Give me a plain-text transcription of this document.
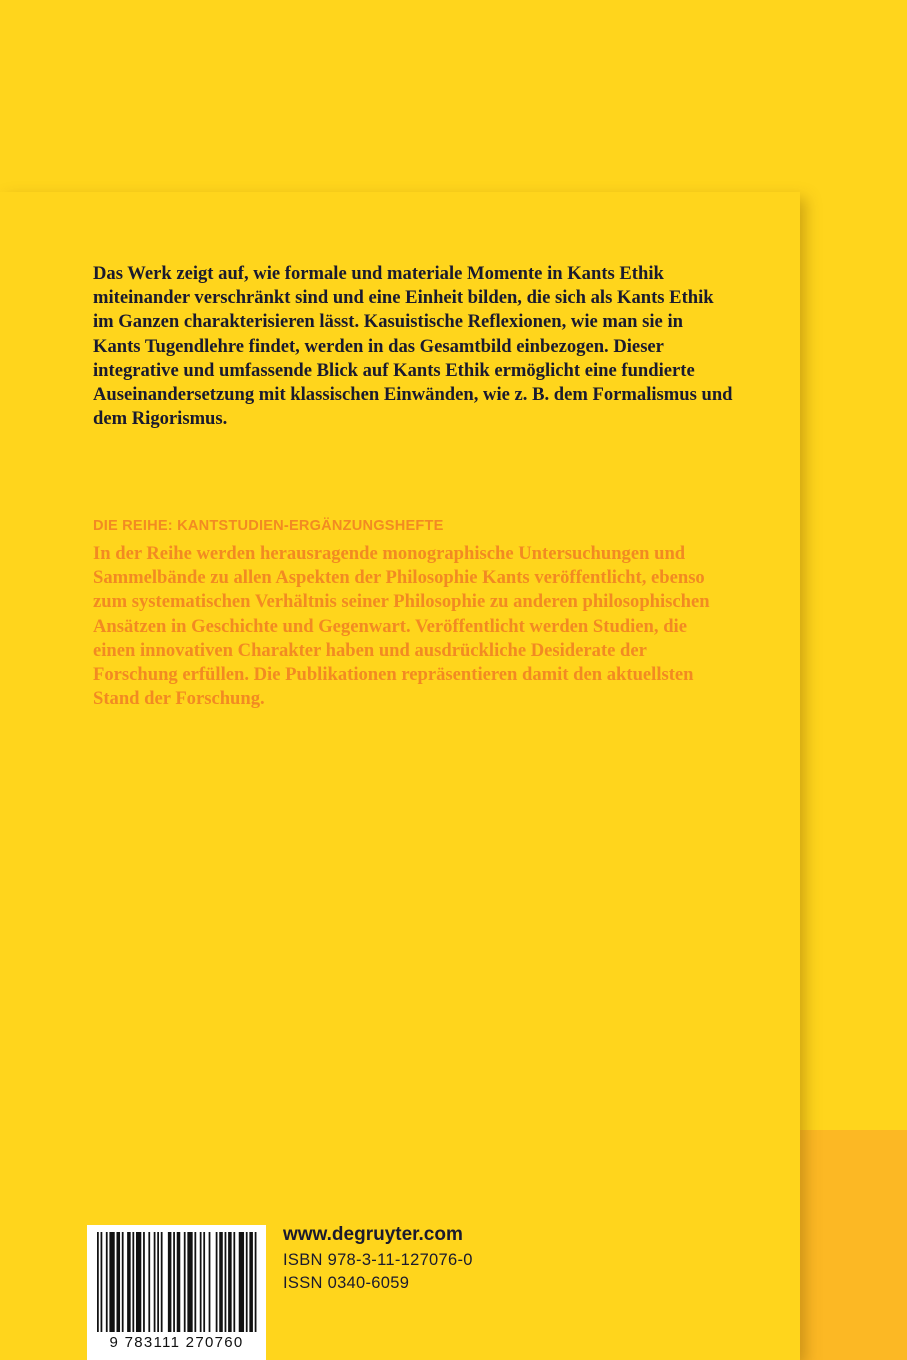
Das Werk zeigt auf, wie formale und materiale Momente in Kants Ethik miteinander verschränkt sind und eine Einheit bilden, die sich als Kants Ethik im Ganzen charakterisieren lässt. Kasuistische Reflexionen, wie man sie in Kants Tugendlehre findet, werden in das Gesamtbild einbezogen. Dieser integrative und umfassende Blick auf Kants Ethik ermöglicht eine fundierte Auseinandersetzung mit klassischen Einwänden, wie z. B. dem Formalismus und dem Rigorismus.

DIE REIHE: KANTSTUDIEN-ERGÄNZUNGSHEFTE

In der Reihe werden herausragende monographische Untersuchungen und Sammelbände zu allen Aspekten der Philosophie Kants veröffentlicht, ebenso zum systematischen Verhältnis seiner Philosophie zu anderen philosophischen Ansätzen in Geschichte und Gegenwart. Veröffentlicht werden Studien, die einen innovativen Charakter haben und ausdrückliche Desiderate der Forschung erfüllen. Die Publikationen repräsentieren damit den aktuellsten Stand der Forschung.

9 783111 270760
www.degruyter.com
ISBN 978-3-11-127076-0
ISSN 0340-6059
